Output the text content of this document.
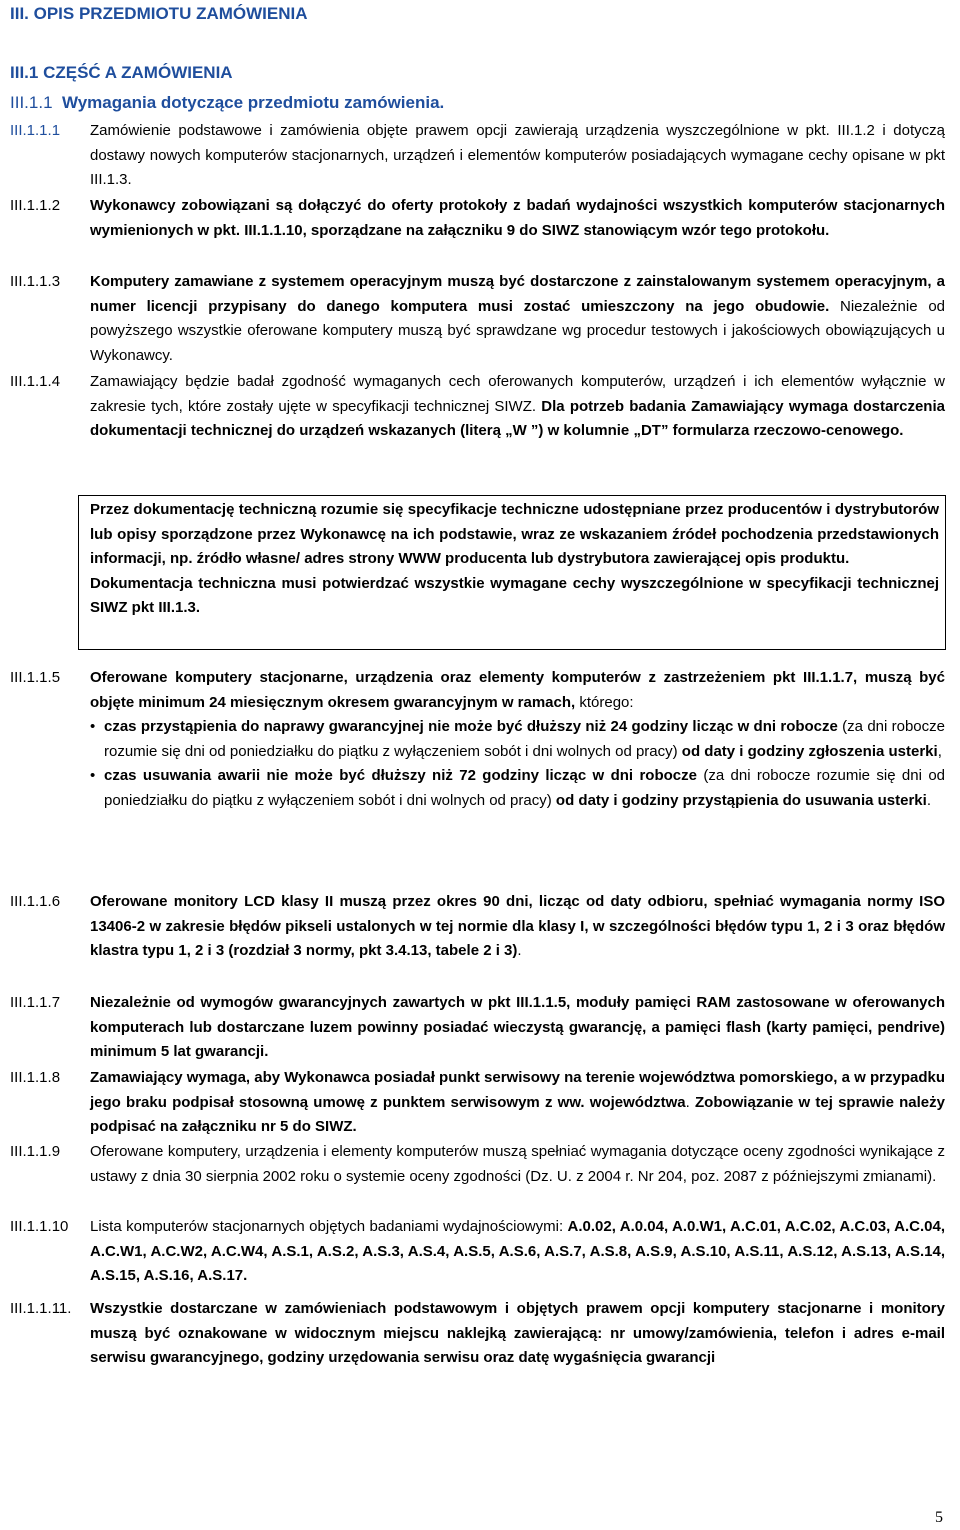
III. OPIS PRZEDMIOTU ZAMÓWIENIA
III.1 CZĘŚĆ A ZAMÓWIENIA
III.1.1 Wymagania dotyczące przedmiotu zamówienia.
III.1.1.1 Zamówienie podstawowe i zamówienia objęte prawem opcji zawierają urządzenia wyszczególnione w pkt. III.1.2 i dotyczą dostawy nowych komputerów stacjonarnych, urządzeń i elementów komputerów posiadających wymagane cechy opisane w pkt III.1.3.
III.1.1.2 Wykonawcy zobowiązani są dołączyć do oferty protokoły z badań wydajności wszystkich komputerów stacjonarnych wymienionych w pkt. III.1.1.10, sporządzane na załączniku 9 do SIWZ stanowiącym wzór tego protokołu.
III.1.1.3 Komputery zamawiane z systemem operacyjnym muszą być dostarczone z zainstalowanym systemem operacyjnym, a numer licencji przypisany do danego komputera musi zostać umieszczony na jego obudowie. Niezależnie od powyższego wszystkie oferowane komputery muszą być sprawdzane wg procedur testowych i jakościowych obowiązujących u Wykonawcy.
III.1.1.4 Zamawiający będzie badał zgodność wymaganych cech oferowanych komputerów, urządzeń i ich elementów wyłącznie w zakresie tych, które zostały ujęte w specyfikacji technicznej SIWZ. Dla potrzeb badania Zamawiający wymaga dostarczenia dokumentacji technicznej do urządzeń wskazanych (literą „W ”) w kolumnie „DT” formularza rzeczowo-cenowego.

Przez dokumentację techniczną rozumie się specyfikacje techniczne udostępniane przez producentów i dystrybutorów lub opisy sporządzone przez Wykonawcę na ich podstawie, wraz ze wskazaniem źródeł pochodzenia przedstawionych informacji, np. źródło własne/ adres strony WWW producenta lub dystrybutora zawierającej opis produktu.

Dokumentacja techniczna musi potwierdzać wszystkie wymagane cechy wyszczególnione w specyfikacji technicznej SIWZ pkt III.1.3.

III.1.1.5 Oferowane komputery stacjonarne, urządzenia oraz elementy komputerów z zastrzeżeniem pkt III.1.1.7, muszą być objęte minimum 24 miesięcznym okresem gwarancyjnym w ramach, którego:
• czas przystąpienia do naprawy gwarancyjnej nie może być dłuższy niż 24 godziny licząc w dni robocze (za dni robocze rozumie się dni od poniedziałku do piątku z wyłączeniem sobót i dni wolnych od pracy) od daty i godziny zgłoszenia usterki,
• czas usuwania awarii nie może być dłuższy niż 72 godziny licząc w dni robocze (za dni robocze rozumie się dni od poniedziałku do piątku z wyłączeniem sobót i dni wolnych od pracy) od daty i godziny przystąpienia do usuwania usterki.
III.1.1.6 Oferowane monitory LCD klasy II muszą przez okres 90 dni, licząc od daty odbioru, spełniać wymagania normy ISO 13406-2 w zakresie błędów pikseli ustalonych w tej normie dla klasy I, w szczególności błędów typu 1, 2 i 3 oraz błędów klastra typu 1, 2 i 3 (rozdział 3 normy, pkt 3.4.13, tabele 2 i 3).
III.1.1.7 Niezależnie od wymogów gwarancyjnych zawartych w pkt III.1.1.5, moduły pamięci RAM zastosowane w oferowanych komputerach lub dostarczane luzem powinny posiadać wieczystą gwarancję, a pamięci flash (karty pamięci, pendrive) minimum 5 lat gwarancji.
III.1.1.8 Zamawiający wymaga, aby Wykonawca posiadał punkt serwisowy na terenie województwa pomorskiego, a w przypadku jego braku podpisał stosowną umowę z punktem serwisowym z ww. województwa. Zobowiązanie w tej sprawie należy podpisać na załączniku nr 5 do SIWZ.
III.1.1.9 Oferowane komputery, urządzenia i elementy komputerów muszą spełniać wymagania dotyczące oceny zgodności wynikające z ustawy z dnia 30 sierpnia 2002 roku o systemie oceny zgodności (Dz. U. z 2004 r. Nr 204, poz. 2087 z późniejszymi zmianami).
III.1.1.10 Lista komputerów stacjonarnych objętych badaniami wydajnościowymi: A.0.02, A.0.04, A.0.W1, A.C.01, A.C.02, A.C.03, A.C.04, A.C.W1, A.C.W2, A.C.W4, A.S.1, A.S.2, A.S.3, A.S.4, A.S.5, A.S.6, A.S.7, A.S.8, A.S.9, A.S.10, A.S.11, A.S.12, A.S.13, A.S.14, A.S.15, A.S.16, A.S.17.
III.1.1.11. Wszystkie dostarczane w zamówieniach podstawowym i objętych prawem opcji komputery stacjonarne i monitory muszą być oznakowane w widocznym miejscu naklejką zawierającą: nr umowy/zamówienia, telefon i adres e-mail serwisu gwarancyjnego, godziny urzędowania serwisu oraz datę wygaśnięcia gwarancji
5
